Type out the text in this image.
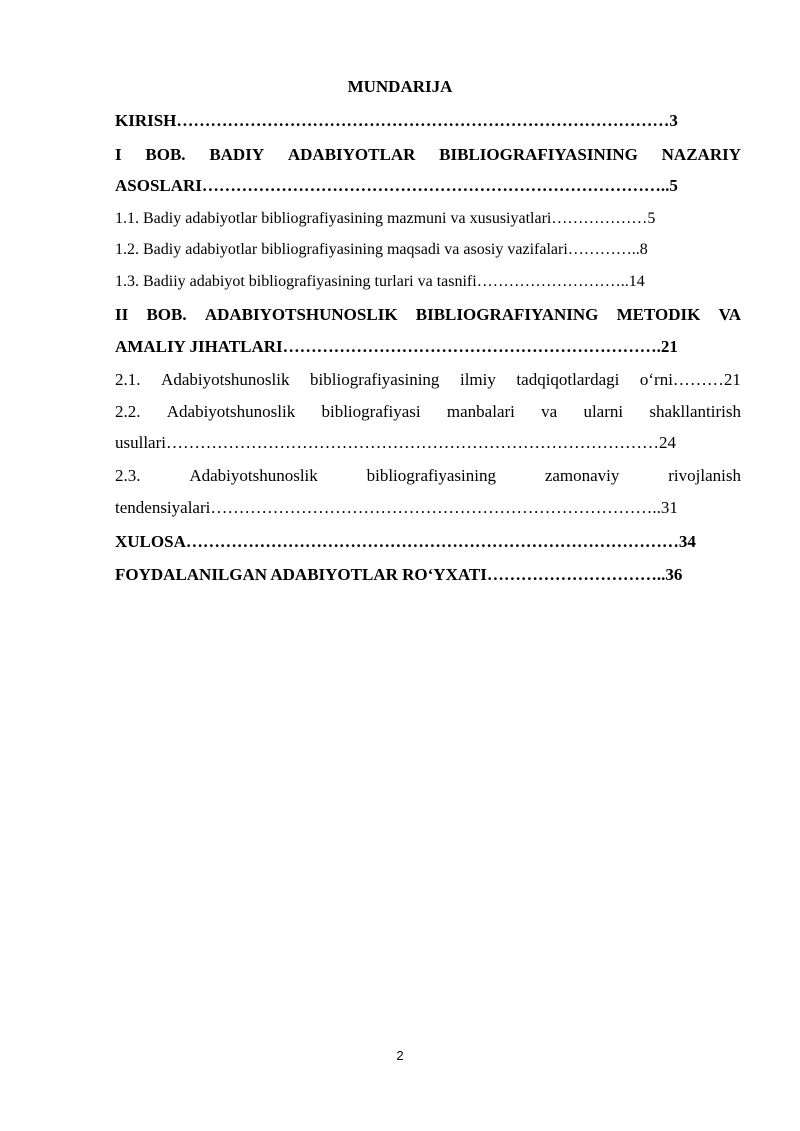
MUNDARIJA
KIRISH……………………………………………………………………………3
I BOB. BADIY ADABIYOTLAR BIBLIOGRAFIYASINING NAZARIY
ASOSLARI………………………………………………………………………..5
1.1. Badiy adabiyotlar bibliografiyasining mazmuni va xususiyatlari………………5
1.2. Badiy adabiyotlar bibliografiyasining maqsadi va asosiy vazifalari…………..8
1.3. Badiiy adabiyot bibliografiyasining turlari va tasnifi………………………..14
II BOB. ADABIYOTSHUNOSLIK BIBLIOGRAFIYANING METODIK VA
AMALIY JIHATLARI………………………………………………………….21
2.1. Adabiyotshunoslik bibliografiyasining ilmiy tadqiqotlardagi o‘rni………21
2.2. Adabiyotshunoslik bibliografiyasi manbalari va ularni shakllantirish
usullari……………………………………………………………………………24
2.3.	Adabiyotshunoslik	bibliografiyasining	zamonaviy	rivojlanish
tendensiyalari……………………………………………………………………..31
XULOSA……………………………………………………………………………34
FOYDALANILGAN ADABIYOTLAR RO‘YXATI…………………………..36
2
